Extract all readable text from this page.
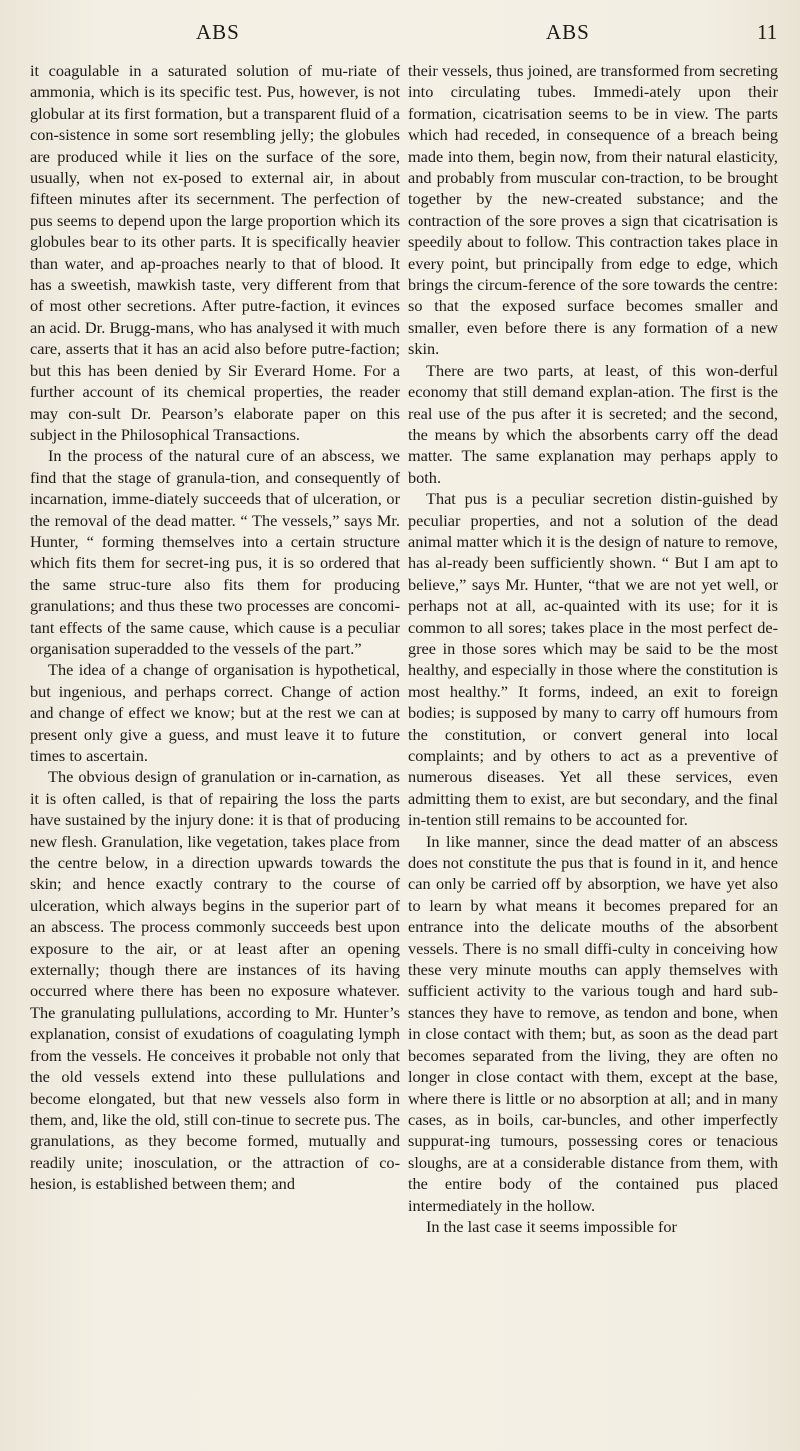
ABS	ABS	11

it coagulable in a saturated solution of mu-riate of ammonia, which is its specific test. Pus, however, is not globular at its first formation, but a transparent fluid of a con-sistence in some sort resembling jelly; the globules are produced while it lies on the surface of the sore, usually, when not ex-posed to external air, in about fifteen minutes after its secernment. The perfection of pus seems to depend upon the large proportion which its globules bear to its other parts. It is specifically heavier than water, and ap-proaches nearly to that of blood. It has a sweetish, mawkish taste, very different from that of most other secretions. After putre-faction, it evinces an acid. Dr. Brugg-mans, who has analysed it with much care, asserts that it has an acid also before putre-faction; but this has been denied by Sir Everard Home. For a further account of its chemical properties, the reader may con-sult Dr. Pearson’s elaborate paper on this subject in the Philosophical Transactions.

In the process of the natural cure of an abscess, we find that the stage of granula-tion, and consequently of incarnation, imme-diately succeeds that of ulceration, or the removal of the dead matter. “ The vessels,” says Mr. Hunter, “ forming themselves into a certain structure which fits them for secret-ing pus, it is so ordered that the same struc-ture also fits them for producing granulations; and thus these two processes are concomi-tant effects of the same cause, which cause is a peculiar organisation superadded to the vessels of the part.”

The idea of a change of organisation is hypothetical, but ingenious, and perhaps correct. Change of action and change of effect we know; but at the rest we can at present only give a guess, and must leave it to future times to ascertain.

The obvious design of granulation or in-carnation, as it is often called, is that of repairing the loss the parts have sustained by the injury done: it is that of producing new flesh. Granulation, like vegetation, takes place from the centre below, in a direction upwards towards the skin; and hence exactly contrary to the course of ulceration, which always begins in the superior part of an abscess. The process commonly succeeds best upon exposure to the air, or at least after an opening externally; though there are instances of its having occurred where there has been no exposure whatever. The granulating pullulations, according to Mr. Hunter’s explanation, consist of exudations of coagulating lymph from the vessels. He conceives it probable not only that the old vessels extend into these pullulations and become elongated, but that new vessels also form in them, and, like the old, still con-tinue to secrete pus. The granulations, as they become formed, mutually and readily unite; inosculation, or the attraction of co-hesion, is established between them; and

their vessels, thus joined, are transformed from secreting into circulating tubes. Immedi-ately upon their formation, cicatrisation seems to be in view. The parts which had receded, in consequence of a breach being made into them, begin now, from their natural elasticity, and probably from muscular con-traction, to be brought together by the new-created substance; and the contraction of the sore proves a sign that cicatrisation is speedily about to follow. This contraction takes place in every point, but principally from edge to edge, which brings the circum-ference of the sore towards the centre: so that the exposed surface becomes smaller and smaller, even before there is any formation of a new skin.

There are two parts, at least, of this won-derful economy that still demand explan-ation. The first is the real use of the pus after it is secreted; and the second, the means by which the absorbents carry off the dead matter. The same explanation may perhaps apply to both.

That pus is a peculiar secretion distin-guished by peculiar properties, and not a solution of the dead animal matter which it is the design of nature to remove, has al-ready been sufficiently shown. “ But I am apt to believe,” says Mr. Hunter, “that we are not yet well, or perhaps not at all, ac-quainted with its use; for it is common to all sores; takes place in the most perfect de-gree in those sores which may be said to be the most healthy, and especially in those where the constitution is most healthy.” It forms, indeed, an exit to foreign bodies; is supposed by many to carry off humours from the constitution, or convert general into local complaints; and by others to act as a preventive of numerous diseases. Yet all these services, even admitting them to exist, are but secondary, and the final in-tention still remains to be accounted for.

In like manner, since the dead matter of an abscess does not constitute the pus that is found in it, and hence can only be carried off by absorption, we have yet also to learn by what means it becomes prepared for an entrance into the delicate mouths of the absorbent vessels. There is no small diffi-culty in conceiving how these very minute mouths can apply themselves with sufficient activity to the various tough and hard sub-stances they have to remove, as tendon and bone, when in close contact with them; but, as soon as the dead part becomes separated from the living, they are often no longer in close contact with them, except at the base, where there is little or no absorption at all; and in many cases, as in boils, car-buncles, and other imperfectly suppurat-ing tumours, possessing cores or tenacious sloughs, are at a considerable distance from them, with the entire body of the contained pus placed intermediately in the hollow.

In the last case it seems impossible for
